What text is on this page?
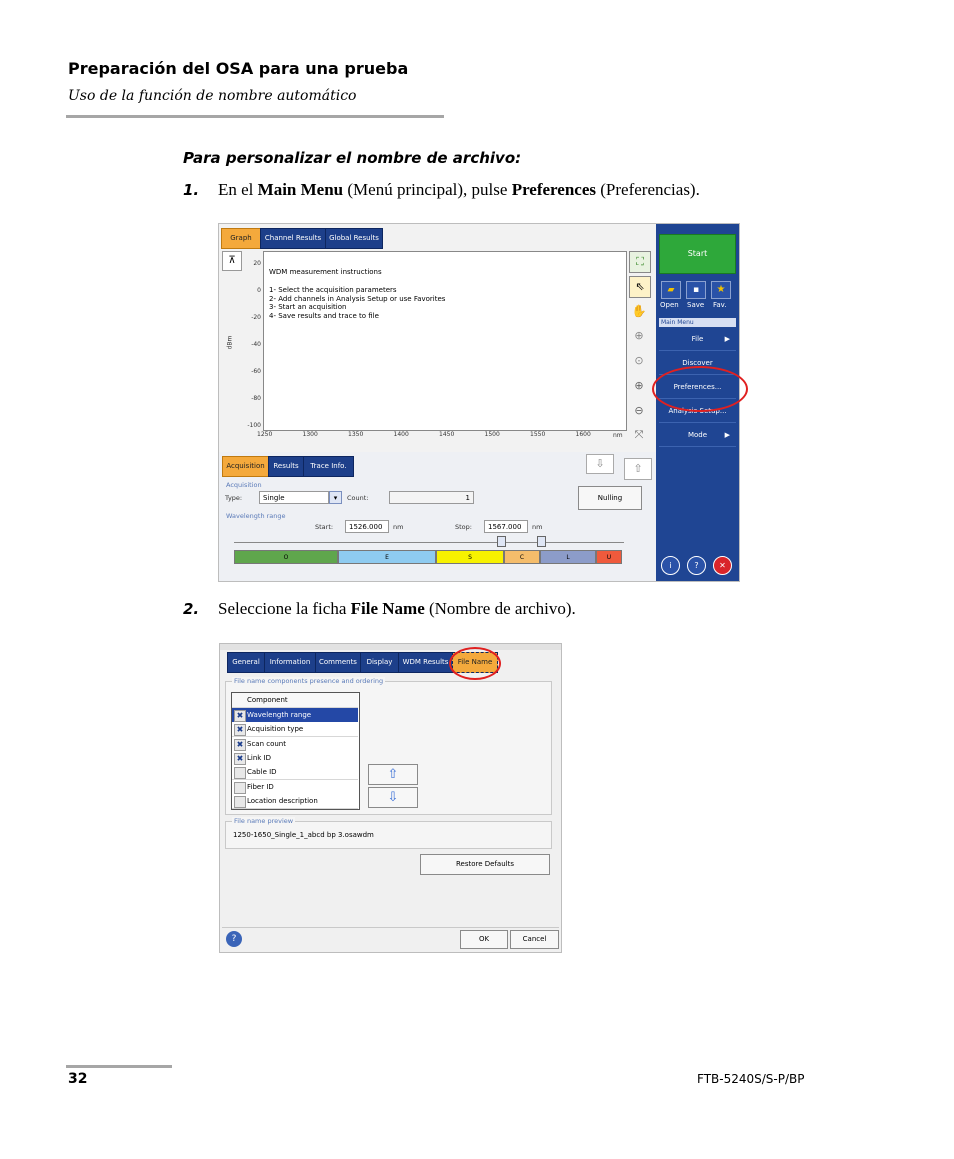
Preparación del OSA para una prueba
Uso de la función de nombre automático
Para personalizar el nombre de archivo:
1. En el Main Menu (Menú principal), pulse Preferences (Preferencias).
Graph	Channel Results	Global Results
⊼
dBm
20
0
-20
-40
-60
-80
-100
WDM measurement instructions
1- Select the acquisition parameters
2- Add channels in Analysis Setup or use Favorites
3- Start an acquisition
4- Save results and trace to file
1250	1300	1350	1400	1450	1500	1550	1600	nm
⛶
⇖
✋
⊕
⊙
⊕
⊖
⤧
Acquisition	Results	Trace Info.	⇩	⇧
Acquisition
Type:	Single	▾	Count:	1	Nulling
Wavelength range
Start:	1526.000	nm	Stop:	1567.000	nm
O	E	S	C	L	U
Start
▰	▪	★
Open Save Fav.
Main Menu
File	▶
Discover
Preferences...
Analysis Setup...
Mode	▶
i	?	✕
2. Seleccione la ficha File Name (Nombre de archivo).
General	Information	Comments	Display	WDM Results	File Name
File name components presence and ordering
Component
✖ Wavelength range
✖ Acquisition type
✖ Scan count
✖ Link ID
Cable ID
Fiber ID
Location description
⇧
⇩
File name preview
1250-1650_Single_1_abcd bp 3.osawdm
Restore Defaults
?	OK	Cancel
32	FTB-5240S/S-P/BP
